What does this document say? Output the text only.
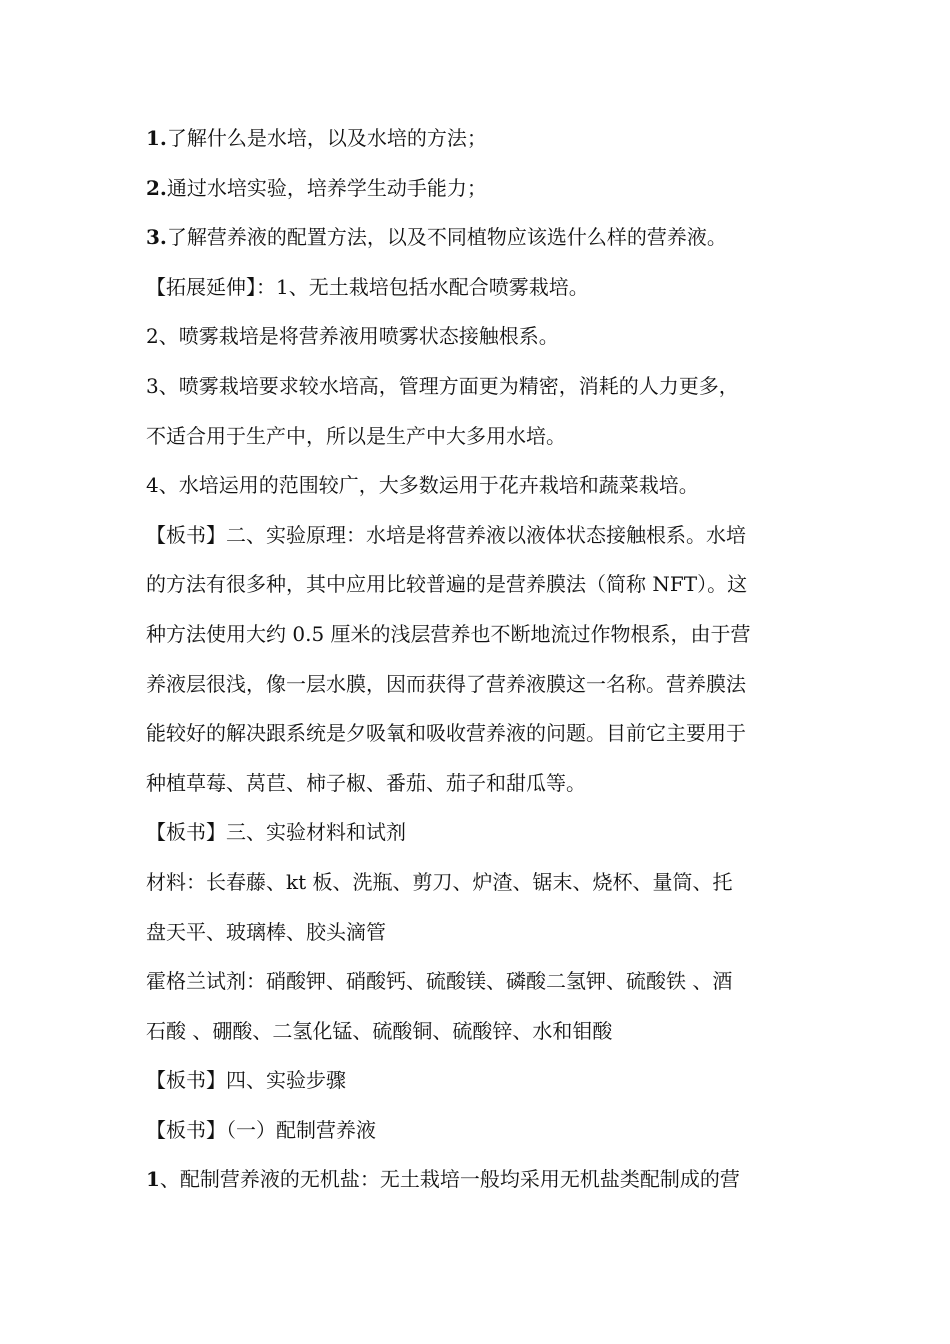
1.了解什么是水培，以及水培的方法；
2.通过水培实验，培养学生动手能力；
3.了解营养液的配置方法，以及不同植物应该选什么样的营养液。
【拓展延伸】：1、无土栽培包括水配合喷雾栽培。
2、喷雾栽培是将营养液用喷雾状态接触根系。
3、喷雾栽培要求较水培高，管理方面更为精密，消耗的人力更多，
不适合用于生产中，所以是生产中大多用水培。
4、水培运用的范围较广，大多数运用于花卉栽培和蔬菜栽培。
【板书】二、实验原理：水培是将营养液以液体状态接触根系。水培
的方法有很多种，其中应用比较普遍的是营养膜法（简称 NFT）。这
种方法使用大约 0.5 厘米的浅层营养也不断地流过作物根系，由于营
养液层很浅，像一层水膜，因而获得了营养液膜这一名称。营养膜法
能较好的解决跟系统是夕吸氧和吸收营养液的问题。目前它主要用于
种植草莓、莴苣、柿子椒、番茄、茄子和甜瓜等。
【板书】三、实验材料和试剂
材料：长春藤、kt 板、洗瓶、剪刀、炉渣、锯末、烧杯、量筒、托
盘天平、玻璃棒、胶头滴管
霍格兰试剂：硝酸钾、硝酸钙、硫酸镁、磷酸二氢钾、硫酸铁 、酒
石酸 、硼酸、二氢化锰、硫酸铜、硫酸锌、水和钼酸
【板书】四、实验步骤
【板书】（一）配制营养液
1、配制营养液的无机盐：无土栽培一般均采用无机盐类配制成的营
